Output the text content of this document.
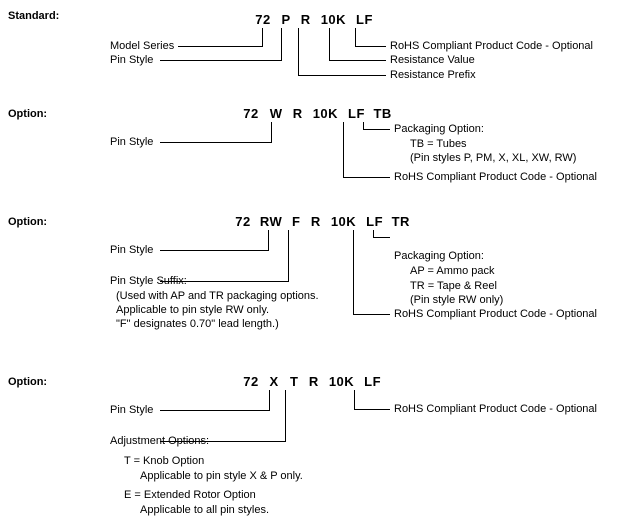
Standard:	72 P R 10K LF
Model Series
Pin Style
RoHS Compliant Product Code - Optional
Resistance Value
Resistance Prefix
Option:	72 W R 10K LF TB
Pin Style
Packaging Option:
TB = Tubes
(Pin styles P, PM, X, XL, XW, RW)
RoHS Compliant Product Code - Optional
Option:	72 RW F R 10K LF TR
Pin Style
Pin Style Suffix:
(Used with AP and TR packaging options.
Applicable to pin style RW only.
"F" designates 0.70" lead length.)
Packaging Option:
AP = Ammo pack
TR = Tape & Reel
(Pin style RW only)
RoHS Compliant Product Code - Optional
Option:	72 X T R 10K LF
Pin Style
Adjustment Options:
T = Knob Option
Applicable to pin style X & P only.
E = Extended Rotor Option
Applicable to all pin styles.
RoHS Compliant Product Code - Optional
